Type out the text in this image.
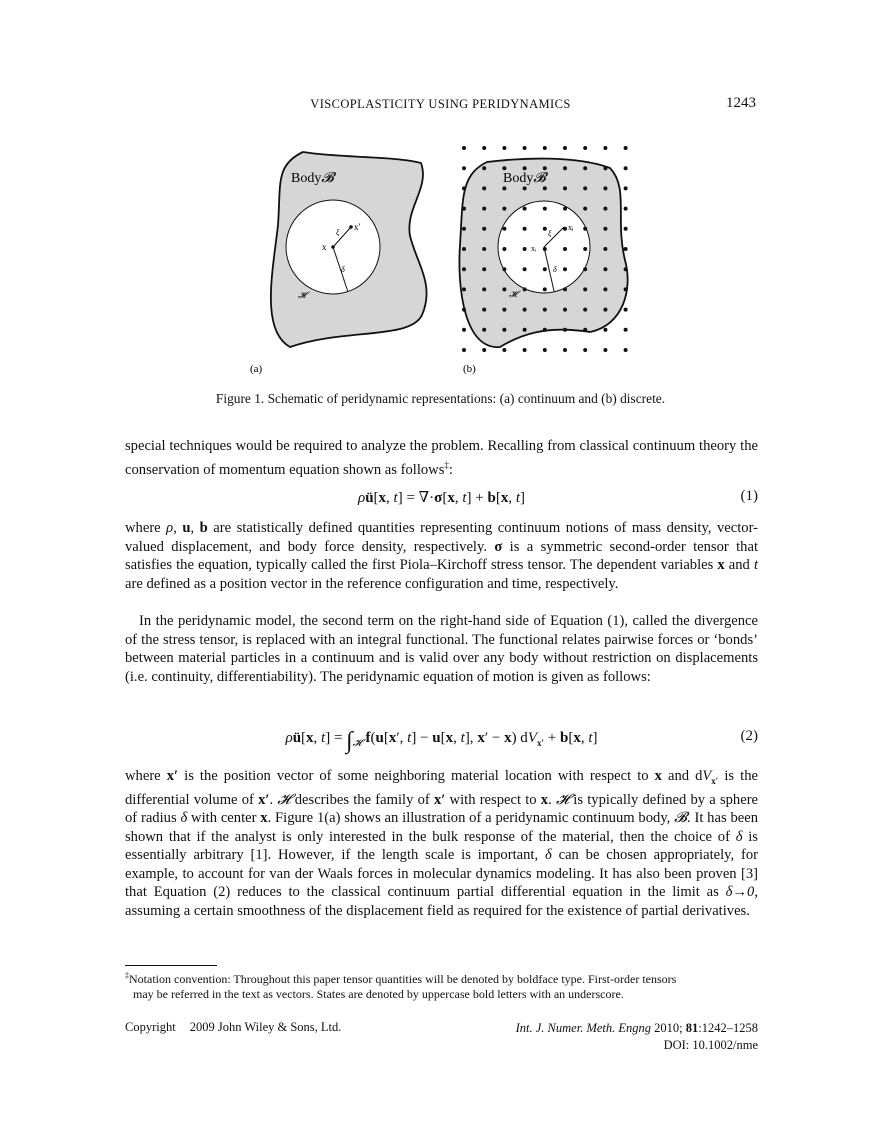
VISCOPLASTICITY USING PERIDYNAMICS	1243
Body𝓑
x
x′
ξ
δ
𝓗
(a)
Body𝓑
xᵢ
xⱼ
ξ
δ
𝓗
(b)
Figure 1. Schematic of peridynamic representations: (a) continuum and (b) discrete.

special techniques would be required to analyze the problem. Recalling from classical continuum theory the conservation of momentum equation shown as follows‡:

ρü[x, t] = ∇·σ[x, t] + b[x, t]	(1)

where ρ, u, b are statistically defined quantities representing continuum notions of mass density, vector-valued displacement, and body force density, respectively. σ is a symmetric second-order tensor that satisfies the equation, typically called the first Piola–Kirchoff stress tensor. The dependent variables x and t are defined as a position vector in the reference configuration and time, respectively.

In the peridynamic model, the second term on the right-hand side of Equation (1), called the divergence of the stress tensor, is replaced with an integral functional. The functional relates pairwise forces or ‘bonds’ between material particles in a continuum and is valid over any body without restriction on displacements (i.e. continuity, differentiability). The peridynamic equation of motion is given as follows:

ρü[x, $t] = \int_𝓗$ f(u[x′, t] − u[x, t], x′ − x) $dV_{x'} + b[x$, t]	(2)

where x′ is the position vector of some neighboring material location with respect to x and $dV_{x'}$ is the differential volume of x′. 𝓗 describes the family of x′ with respect to x. 𝓗 is typically defined by a sphere of radius δ with center x. Figure 1(a) shows an illustration of a peridynamic continuum body, 𝓑. It has been shown that if the analyst is only interested in the bulk response of the material, then the choice of δ is essentially arbitrary [1]. However, if the length scale is important, δ can be chosen appropriately, for example, to account for van der Waals forces in molecular dynamics modeling. It has also been proven [3] that Equation (2) reduces to the classical continuum partial differential equation in the limit as δ→0, assuming a certain smoothness of the displacement field as required for the existence of partial derivatives.

‡Notation convention: Throughout this paper tensor quantities will be denoted by boldface type. First-order tensors
may be referred in the text as vectors. States are denoted by uppercase bold letters with an underscore.
Copyright 2009 John Wiley & Sons, Ltd.	Int. J. Numer. Meth. Engng 2010; 81:1242–1258
DOI: 10.1002/nme
